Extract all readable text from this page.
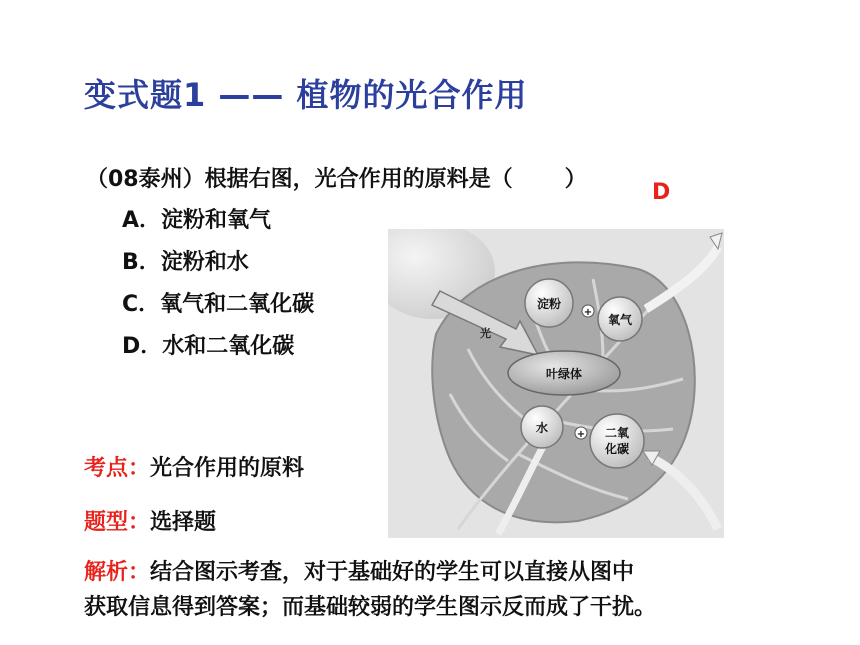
变式题1 —— 植物的光合作用
（08泰州）根据右图，光合作用的原料是（ ）
D
A．淀粉和氧气
B．淀粉和水
C．氧气和二氧化碳
D．水和二氧化碳
光
叶绿体
淀粉
氧气
+
水	+ 二氧
化碳
考点：光合作用的原料
题型：选择题
解析：结合图示考查，对于基础好的学生可以直接从图中
获取信息得到答案；而基础较弱的学生图示反而成了干扰。
